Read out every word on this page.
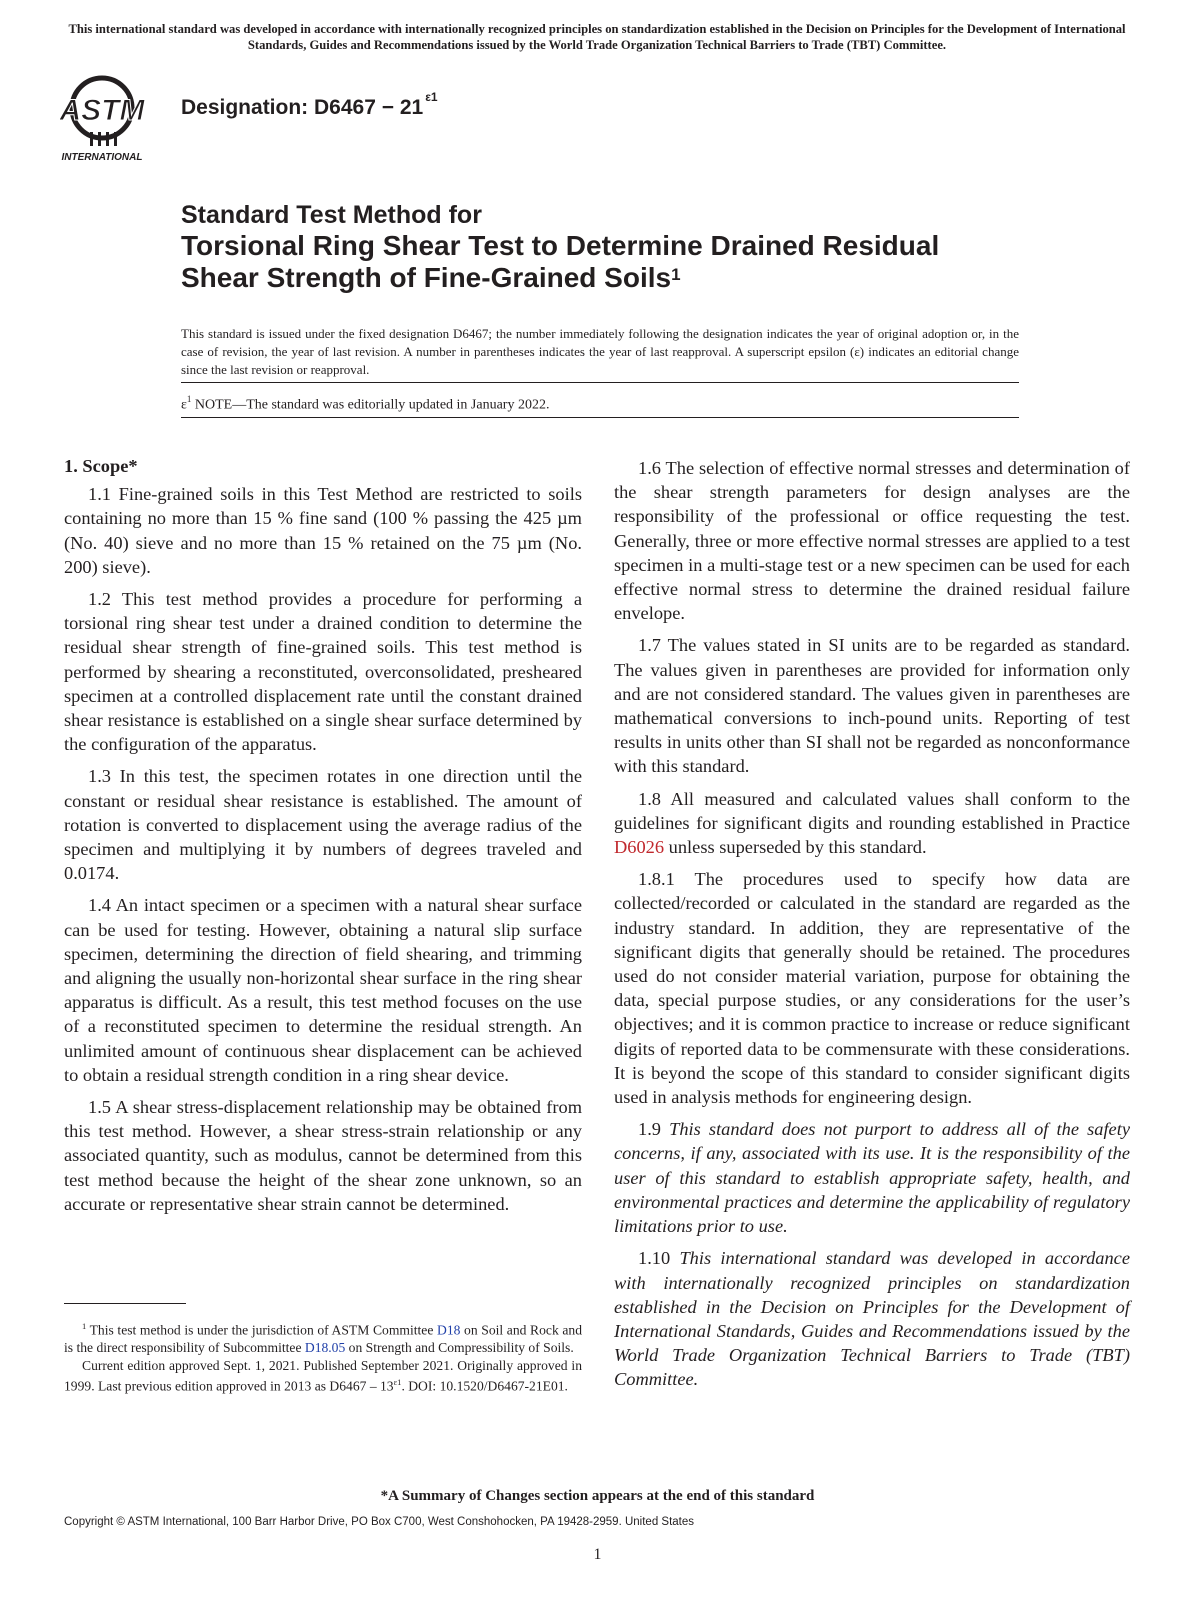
This international standard was developed in accordance with internationally recognized principles on standardization established in the Decision on Principles for the Development of International Standards, Guides and Recommendations issued by the World Trade Organization Technical Barriers to Trade (TBT) Committee.
ASTM
INTERNATIONAL
Designation: D6467 − 21 $^{\varepsilon 1}$
Standard Test Method for
Torsional Ring Shear Test to Determine Drained Residual
Shear Strength of Fine-Grained Soils$^1$
This standard is issued under the fixed designation D6467; the number immediately following the designation indicates the year of original adoption or, in the case of revision, the year of last revision. A number in parentheses indicates the year of last reapproval. A superscript epsilon (ε) indicates an editorial change since the last revision or reapproval.
$\varepsilon^1$ NOTE—The standard was editorially updated in January 2022.
1. Scope*

1.1 Fine-grained soils in this Test Method are restricted to soils containing no more than 15 % fine sand (100 % passing the 425 µm (No. 40) sieve and no more than 15 % retained on the 75 µm (No. 200) sieve).

1.2 This test method provides a procedure for performing a torsional ring shear test under a drained condition to determine the residual shear strength of fine-grained soils. This test method is performed by shearing a reconstituted, overconsolidated, presheared specimen at a controlled displacement rate until the constant drained shear resistance is established on a single shear surface determined by the configuration of the apparatus.

1.3 In this test, the specimen rotates in one direction until the constant or residual shear resistance is established. The amount of rotation is converted to displacement using the average radius of the specimen and multiplying it by numbers of degrees traveled and 0.0174.

1.4 An intact specimen or a specimen with a natural shear surface can be used for testing. However, obtaining a natural slip surface specimen, determining the direction of field shearing, and trimming and aligning the usually non-horizontal shear surface in the ring shear apparatus is difficult. As a result, this test method focuses on the use of a reconstituted specimen to determine the residual strength. An unlimited amount of continuous shear displacement can be achieved to obtain a residual strength condition in a ring shear device.

1.5 A shear stress-displacement relationship may be obtained from this test method. However, a shear stress-strain relationship or any associated quantity, such as modulus, cannot be determined from this test method because the height of the shear zone unknown, so an accurate or representative shear strain cannot be determined.

1.6 The selection of effective normal stresses and determination of the shear strength parameters for design analyses are the responsibility of the professional or office requesting the test. Generally, three or more effective normal stresses are applied to a test specimen in a multi-stage test or a new specimen can be used for each effective normal stress to determine the drained residual failure envelope.

1.7 The values stated in SI units are to be regarded as standard. The values given in parentheses are provided for information only and are not considered standard. The values given in parentheses are mathematical conversions to inch-pound units. Reporting of test results in units other than SI shall not be regarded as nonconformance with this standard.

1.8 All measured and calculated values shall conform to the guidelines for significant digits and rounding established in Practice D6026 unless superseded by this standard.

1.8.1 The procedures used to specify how data are collected/recorded or calculated in the standard are regarded as the industry standard. In addition, they are representative of the significant digits that generally should be retained. The procedures used do not consider material variation, purpose for obtaining the data, special purpose studies, or any considerations for the user’s objectives; and it is common practice to increase or reduce significant digits of reported data to be commensurate with these considerations. It is beyond the scope of this standard to consider significant digits used in analysis methods for engineering design.

1.9 This standard does not purport to address all of the safety concerns, if any, associated with its use. It is the responsibility of the user of this standard to establish appropriate safety, health, and environmental practices and determine the applicability of regulatory limitations prior to use.

1.10 This international standard was developed in accordance with internationally recognized principles on standardization established in the Decision on Principles for the Development of International Standards, Guides and Recommendations issued by the World Trade Organization Technical Barriers to Trade (TBT) Committee.

$^1$ This test method is under the jurisdiction of ASTM Committee D18 on Soil and Rock and is the direct responsibility of Subcommittee D18.05 on Strength and Compressibility of Soils.

Current edition approved Sept. 1, 2021. Published September 2021. Originally approved in 1999. Last previous edition approved in 2013 as $D6467 - 13^{\varepsilon 1}$. DOI: 10.1520/D6467-21E01.

*A Summary of Changes section appears at the end of this standard
Copyright © ASTM International, 100 Barr Harbor Drive, PO Box C700, West Conshohocken, PA 19428-2959. United States
1
